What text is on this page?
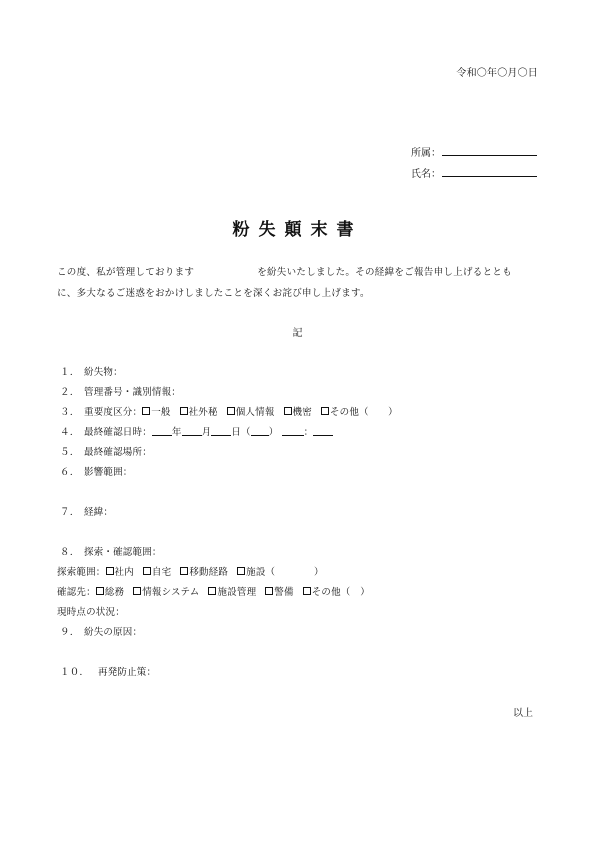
令和〇年〇月〇日
所属：
氏名：
粉失顛末書
この度、私が管理しております	を紛失いたしました。その経緯をご報告申し上げるととも
に、多大なるご迷惑をおかけしましたことを深くお詫び申し上げます。
記
１. 紛失物：
２. 管理番号・識別情報：
３. 重要度区分： 一般 社外秘 個人情報 機密 その他（　　）
４. 最終確認日時： 年 月 日（ ）	：
５. 最終確認場所：
６. 影響範囲：
７. 経緯：
８. 探索・確認範囲：
探索範囲： 社内 自宅 移動経路 施設（　　　　）
確認先： 総務 情報システム 施設管理 警備 その他（　）
現時点の状況：
９. 紛失の原因：
１０. 再発防止策：
以上
